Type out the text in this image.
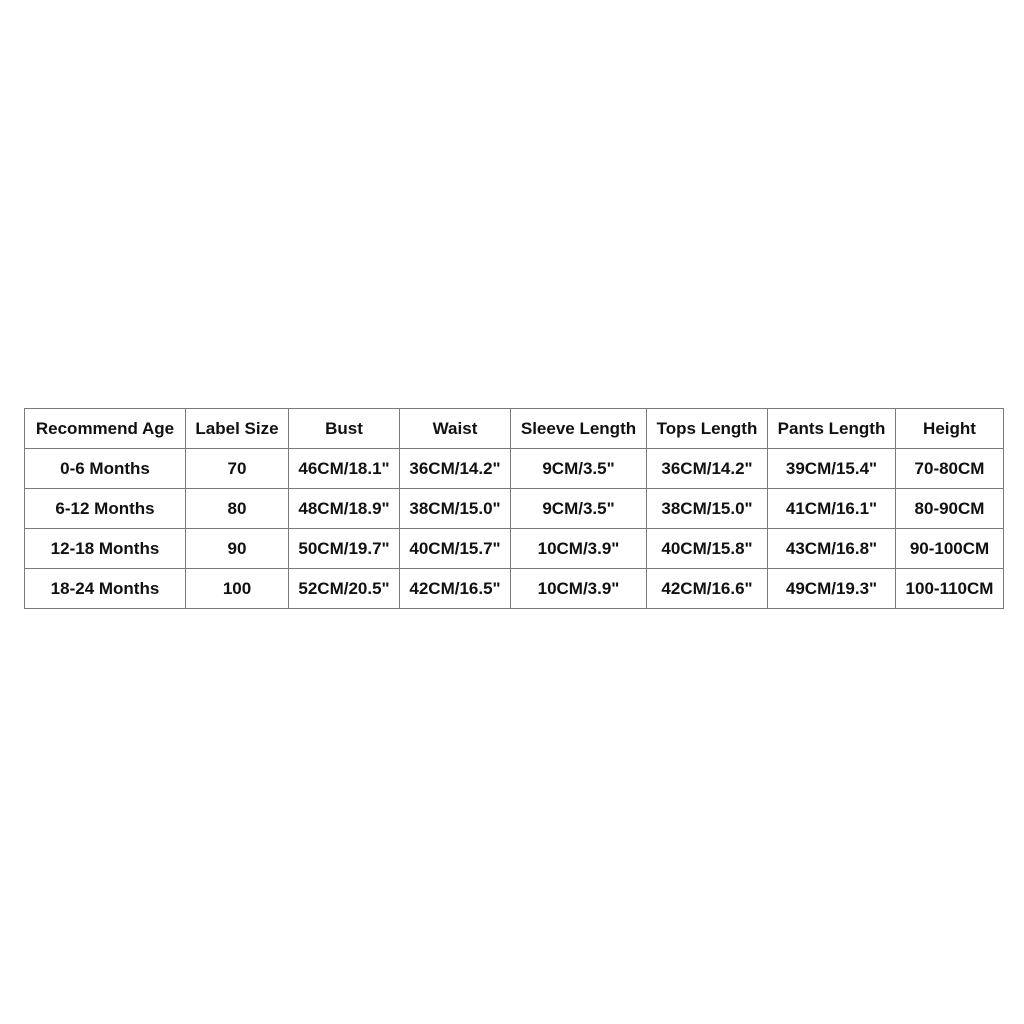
Recommend Age	Label Size	Bust	Waist	Sleeve Length	Tops Length	Pants Length	Height
0-6 Months	70	46CM/18.1"	36CM/14.2"	9CM/3.5"	36CM/14.2"	39CM/15.4"	70-80CM
6-12 Months	80	48CM/18.9"	38CM/15.0"	9CM/3.5"	38CM/15.0"	41CM/16.1"	80-90CM
12-18 Months	90	50CM/19.7"	40CM/15.7"	10CM/3.9"	40CM/15.8"	43CM/16.8"	90-100CM
18-24 Months	100	52CM/20.5"	42CM/16.5"	10CM/3.9"	42CM/16.6"	49CM/19.3"	100-110CM
